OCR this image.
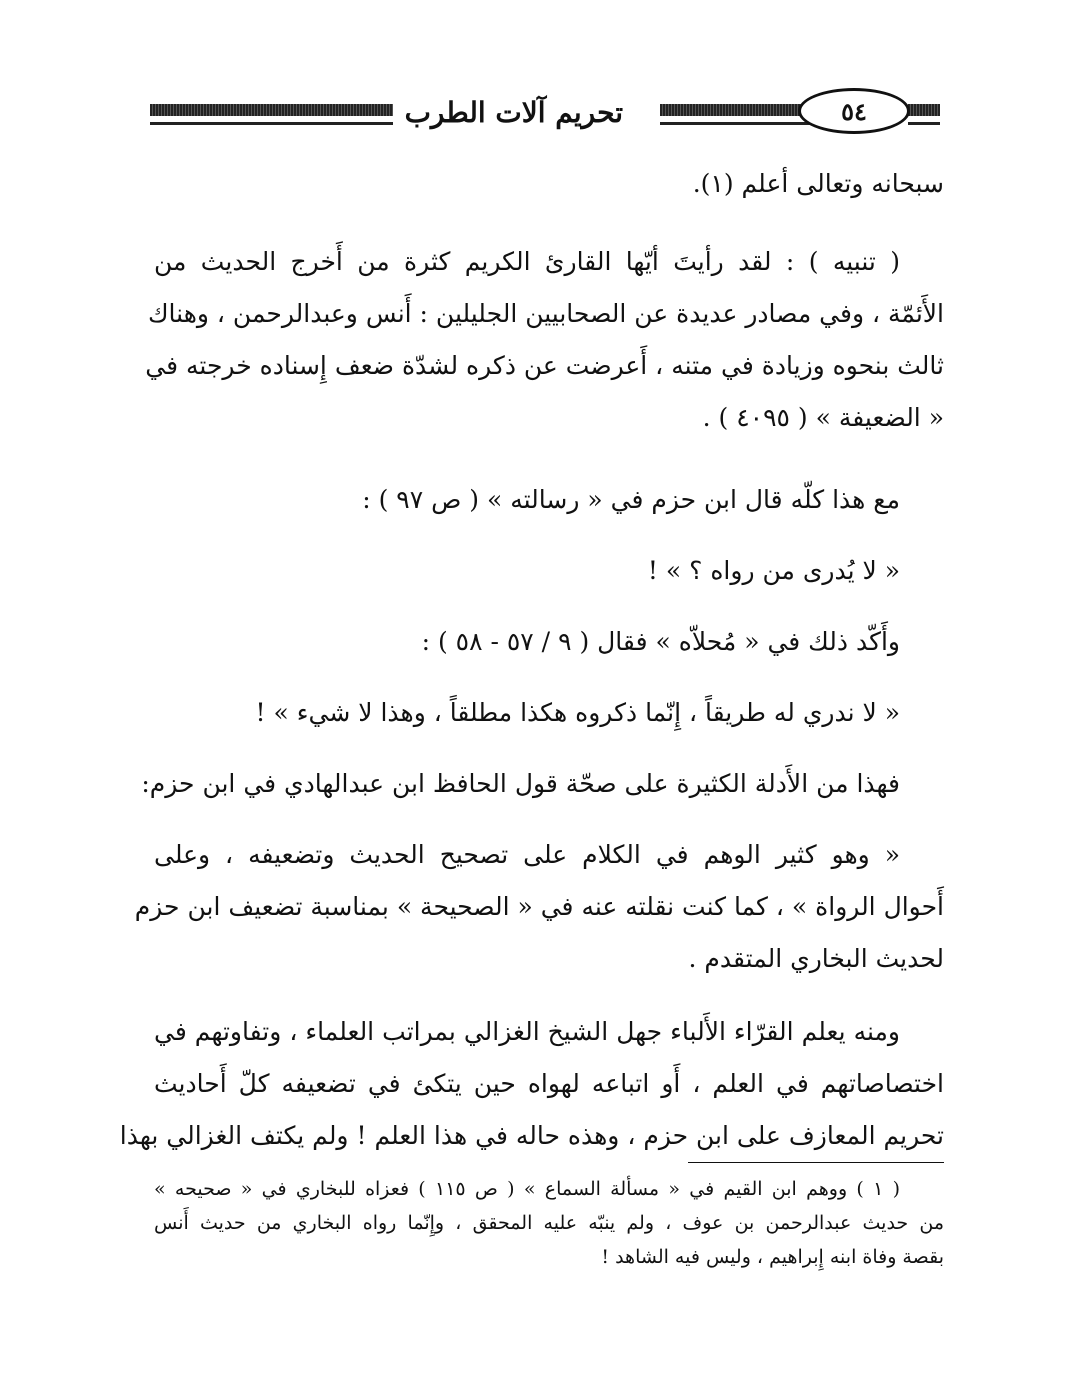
تحريم آلات الطرب	٥٤
سبحانه وتعالى أعلم (١).
( تنبيه ) : لقد رأيتَ أيّها القارئ الكريم كثرة من أَخرج الحديث من
الأَئمّة ، وفي مصادر عديدة عن الصحابيين الجليلين : أَنس وعبدالرحمن ، وهناك
ثالث بنحوه وزيادة في متنه ، أَعرضت عن ذكره لشدّة ضعف إِسناده خرجته في
« الضعيفة » ( ٤٠٩٥ ) .
مع هذا كلّه قال ابن حزم في « رسالته » ( ص ٩٧ ) :
« لا يُدرى من رواه ؟ » !
وأَكّد ذلك في « مُحلاّه » فقال ( ٩ / ٥٧ - ٥٨ ) :
« لا ندري له طريقاً ، إِنّما ذكروه هكذا مطلقاً ، وهذا لا شيء » !
فهذا من الأَدلة الكثيرة على صحّة قول الحافظ ابن عبدالهادي في ابن حزم:
« وهو كثير الوهم في الكلام على تصحيح الحديث وتضعيفه ، وعلى
أَحوال الرواة » ، كما كنت نقلته عنه في « الصحيحة » بمناسبة تضعيف ابن حزم
لحديث البخاري المتقدم .
ومنه يعلم القرّاء الأَلباء جهل الشيخ الغزالي بمراتب العلماء ، وتفاوتهم في
اختصاصاتهم في العلم ، أَو اتباعه لهواه حين يتكئ في تضعيفه كلّ أَحاديث
تحريم المعازف على ابن حزم ، وهذه حاله في هذا العلم ! ولم يكتف الغزالي بهذا
( ١ ) ووهم ابن القيم في « مسألة السماع » ( ص ١١٥ ) فعزاه للبخاري في « صحيحه »
من حديث عبدالرحمن بن عوف ، ولم ينبّه عليه المحقق ، وإِنّما رواه البخاري من حديث أَنس
بقصة وفاة ابنه إِبراهيم ، وليس فيه الشاهد !
